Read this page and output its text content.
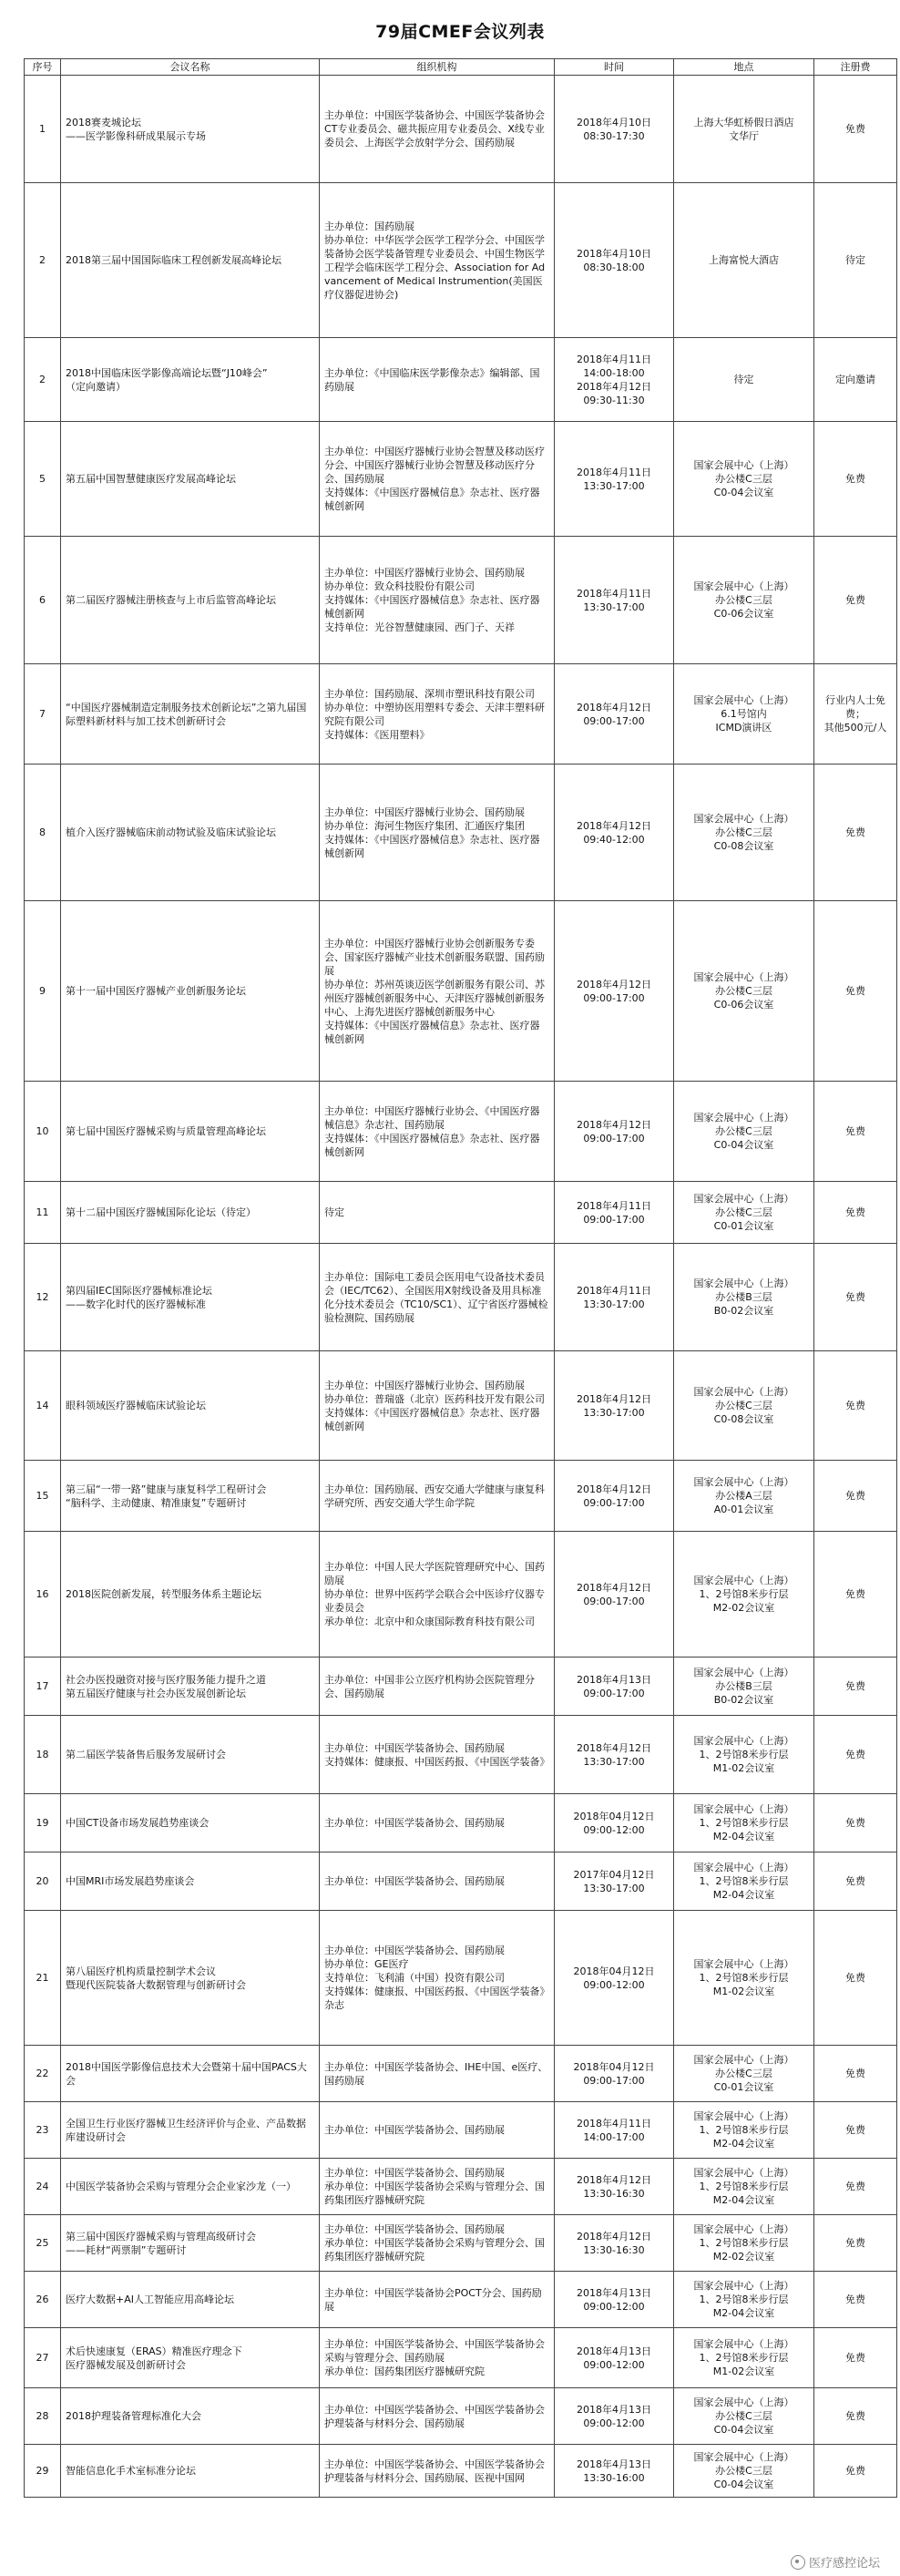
79届CMEF会议列表
序号	会议名称	组织机构	时间	地点	注册费
1	2018赛麦城论坛
——医学影像科研成果展示专场	主办单位：中国医学装备协会、中国医学装备协会CT专业委员会、磁共振应用专业委员会、X线专业委员会、上海医学会放射学分会、国药励展	2018年4月10日
08:30-17:30	上海大华虹桥假日酒店
文华厅	免费

2	2018第三届中国国际临床工程创新发展高峰论坛	主办单位：国药励展
协办单位：中华医学会医学工程学分会、中国医学装备协会医学装备管理专业委员会、中国生物医学工程学会临床医学工程分会、Association for Advancement of Medical Instrumention(美国医疗仪器促进协会)	2018年4月10日
08:30-18:00	上海富悦大酒店	待定

2	2018中国临床医学影像高端论坛暨“J10峰会”
（定向邀请）	主办单位：《中国临床医学影像杂志》编辑部、国药励展	2018年4月11日
14:00-18:00
2018年4月12日
09:30-11:30	待定	定向邀请

5	第五届中国智慧健康医疗发展高峰论坛	主办单位：中国医疗器械行业协会智慧及移动医疗分会、中国医疗器械行业协会智慧及移动医疗分会、国药励展
支持媒体：《中国医疗器械信息》杂志社、医疗器械创新网	2018年4月11日
13:30-17:00	国家会展中心（上海）
办公楼C三层
C0-04会议室	免费

6	第二届医疗器械注册核查与上市后监管高峰论坛	主办单位：中国医疗器械行业协会、国药励展
协办单位：致众科技股份有限公司
支持媒体：《中国医疗器械信息》杂志社、医疗器械创新网
支持单位：光谷智慧健康园、西门子、天祥	2018年4月11日
13:30-17:00	国家会展中心（上海）
办公楼C三层
C0-06会议室	免费

7	“中国医疗器械制造定制服务技术创新论坛”之第九届国际塑料新材料与加工技术创新研讨会	主办单位：国药励展、深圳市塑讯科技有限公司
协办单位：中塑协医用塑料专委会、天津丰塑料研究院有限公司
支持媒体：《医用塑料》	2018年4月12日
09:00-17:00	国家会展中心（上海）
6.1号馆内
ICMD演讲区	行业内人士免费；
其他500元/人

8	植介入医疗器械临床前动物试验及临床试验论坛	主办单位：中国医疗器械行业协会、国药励展
协办单位：海河生物医疗集团、汇通医疗集团
支持媒体：《中国医疗器械信息》杂志社、医疗器械创新网	2018年4月12日
09:40-12:00	国家会展中心（上海）
办公楼C三层
C0-08会议室	免费

9	第十一届中国医疗器械产业创新服务论坛	主办单位：中国医疗器械行业协会创新服务专委会、国家医疗器械产业技术创新服务联盟、国药励展
协办单位：苏州英谈迈医学创新服务有限公司、苏州医疗器械创新服务中心、天津医疗器械创新服务中心、上海先进医疗器械创新服务中心
支持媒体：《中国医疗器械信息》杂志社、医疗器械创新网	2018年4月12日
09:00-17:00	国家会展中心（上海）
办公楼C三层
C0-06会议室	免费

10	第七届中国医疗器械采购与质量管理高峰论坛	主办单位：中国医疗器械行业协会、《中国医疗器械信息》杂志社、国药励展
支持媒体：《中国医疗器械信息》杂志社、医疗器械创新网	2018年4月12日
09:00-17:00	国家会展中心（上海）
办公楼C三层
C0-04会议室	免费

11	第十二届中国医疗器械国际化论坛（待定）	待定	2018年4月11日
09:00-17:00	国家会展中心（上海）
办公楼C三层
C0-01会议室	免费

12	第四届IEC国际医疗器械标准论坛
——数字化时代的医疗器械标准	主办单位：国际电工委员会医用电气设备技术委员会（IEC/TC62）、全国医用X射线设备及用具标准化分技术委员会（TC10/SC1）、辽宁省医疗器械检验检测院、国药励展	2018年4月11日
13:30-17:00	国家会展中心（上海）
办公楼B三层
B0-02会议室	免费

14	眼科领域医疗器械临床试验论坛	主办单位：中国医疗器械行业协会、国药励展
协办单位：普瑞盛（北京）医药科技开发有限公司
支持媒体：《中国医疗器械信息》杂志社、医疗器械创新网	2018年4月12日
13:30-17:00	国家会展中心（上海）
办公楼C三层
C0-08会议室	免费

15	第三届“一带一路”健康与康复科学工程研讨会
“脑科学、主动健康、精准康复”专题研讨	主办单位：国药励展、西安交通大学健康与康复科学研究所、西安交通大学生命学院	2018年4月12日
09:00-17:00	国家会展中心（上海）
办公楼A三层
A0-01会议室	免费

16	2018医院创新发展，转型服务体系主题论坛	主办单位：中国人民大学医院管理研究中心、国药励展
协办单位：世界中医药学会联合会中医诊疗仪器专业委员会
承办单位：北京中和众康国际教育科技有限公司	2018年4月12日
09:00-17:00	国家会展中心（上海）
1、2号馆8米步行层
M2-02会议室	免费

17	社会办医投融资对接与医疗服务能力提升之道
第五届医疗健康与社会办医发展创新论坛	主办单位：中国非公立医疗机构协会医院管理分会、国药励展	2018年4月13日
09:00-17:00	国家会展中心（上海）
办公楼B三层
B0-02会议室	免费

18	第二届医学装备售后服务发展研讨会	主办单位：中国医学装备协会、国药励展
支持媒体：健康报、中国医药报、《中国医学装备》	2018年4月12日
13:30-17:00	国家会展中心（上海）
1、2号馆8米步行层
M1-02会议室	免费

19	中国CT设备市场发展趋势座谈会	主办单位：中国医学装备协会、国药励展	2018年04月12日
09:00-12:00	国家会展中心（上海）
1、2号馆8米步行层
M2-04会议室	免费

20	中国MRI市场发展趋势座谈会	主办单位：中国医学装备协会、国药励展	2017年04月12日
13:30-17:00	国家会展中心（上海）
1、2号馆8米步行层
M2-04会议室	免费

21	第八届医疗机构质量控制学术会议
暨现代医院装备大数据管理与创新研讨会	主办单位：中国医学装备协会、国药励展
协办单位：GE医疗
支持单位：飞利浦（中国）投资有限公司
支持媒体：健康报、中国医药报、《中国医学装备》杂志	2018年04月12日
09:00-12:00	国家会展中心（上海）
1、2号馆8米步行层
M1-02会议室	免费

22	2018中国医学影像信息技术大会暨第十届中国PACS大会	主办单位：中国医学装备协会、IHE中国、e医疗、国药励展	2018年04月12日
09:00-17:00	国家会展中心（上海）
办公楼C三层
C0-01会议室	免费

23	全国卫生行业医疗器械卫生经济评价与企业、产品数据库建设研讨会	主办单位：中国医学装备协会、国药励展	2018年4月11日
14:00-17:00	国家会展中心（上海）
1、2号馆8米步行层
M2-04会议室	免费

24	中国医学装备协会采购与管理分会企业家沙龙（一）	主办单位：中国医学装备协会、国药励展
承办单位：中国医学装备协会采购与管理分会、国药集团医疗器械研究院	2018年4月12日
13:30-16:30	国家会展中心（上海）
1、2号馆8米步行层
M2-04会议室	免费

25	第三届中国医疗器械采购与管理高级研讨会
——耗材“两票制”专题研讨	主办单位：中国医学装备协会、国药励展
承办单位：中国医学装备协会采购与管理分会、国药集团医疗器械研究院	2018年4月12日
13:30-16:30	国家会展中心（上海）
1、2号馆8米步行层
M2-02会议室	免费

26	医疗大数据+AI人工智能应用高峰论坛	主办单位：中国医学装备协会POCT分会、国药励展	2018年4月13日
09:00-12:00	国家会展中心（上海）
1、2号馆8米步行层
M2-04会议室	免费

27	术后快速康复（ERAS）精准医疗理念下
医疗器械发展及创新研讨会	主办单位：中国医学装备协会、中国医学装备协会采购与管理分会、国药励展
承办单位：国药集团医疗器械研究院	2018年4月13日
09:00-12:00	国家会展中心（上海）
1、2号馆8米步行层
M1-02会议室	免费

28	2018护理装备管理标准化大会	主办单位：中国医学装备协会、中国医学装备协会护理装备与材料分会、国药励展	2018年4月13日
09:00-12:00	国家会展中心（上海）
办公楼C三层
C0-04会议室	免费

29	智能信息化手术室标准分论坛	主办单位：中国医学装备协会、中国医学装备协会护理装备与材料分会、国药励展、医视中国网	2018年4月13日
13:30-16:00	国家会展中心（上海）
办公楼C三层
C0-04会议室	免费
医疗感控论坛
